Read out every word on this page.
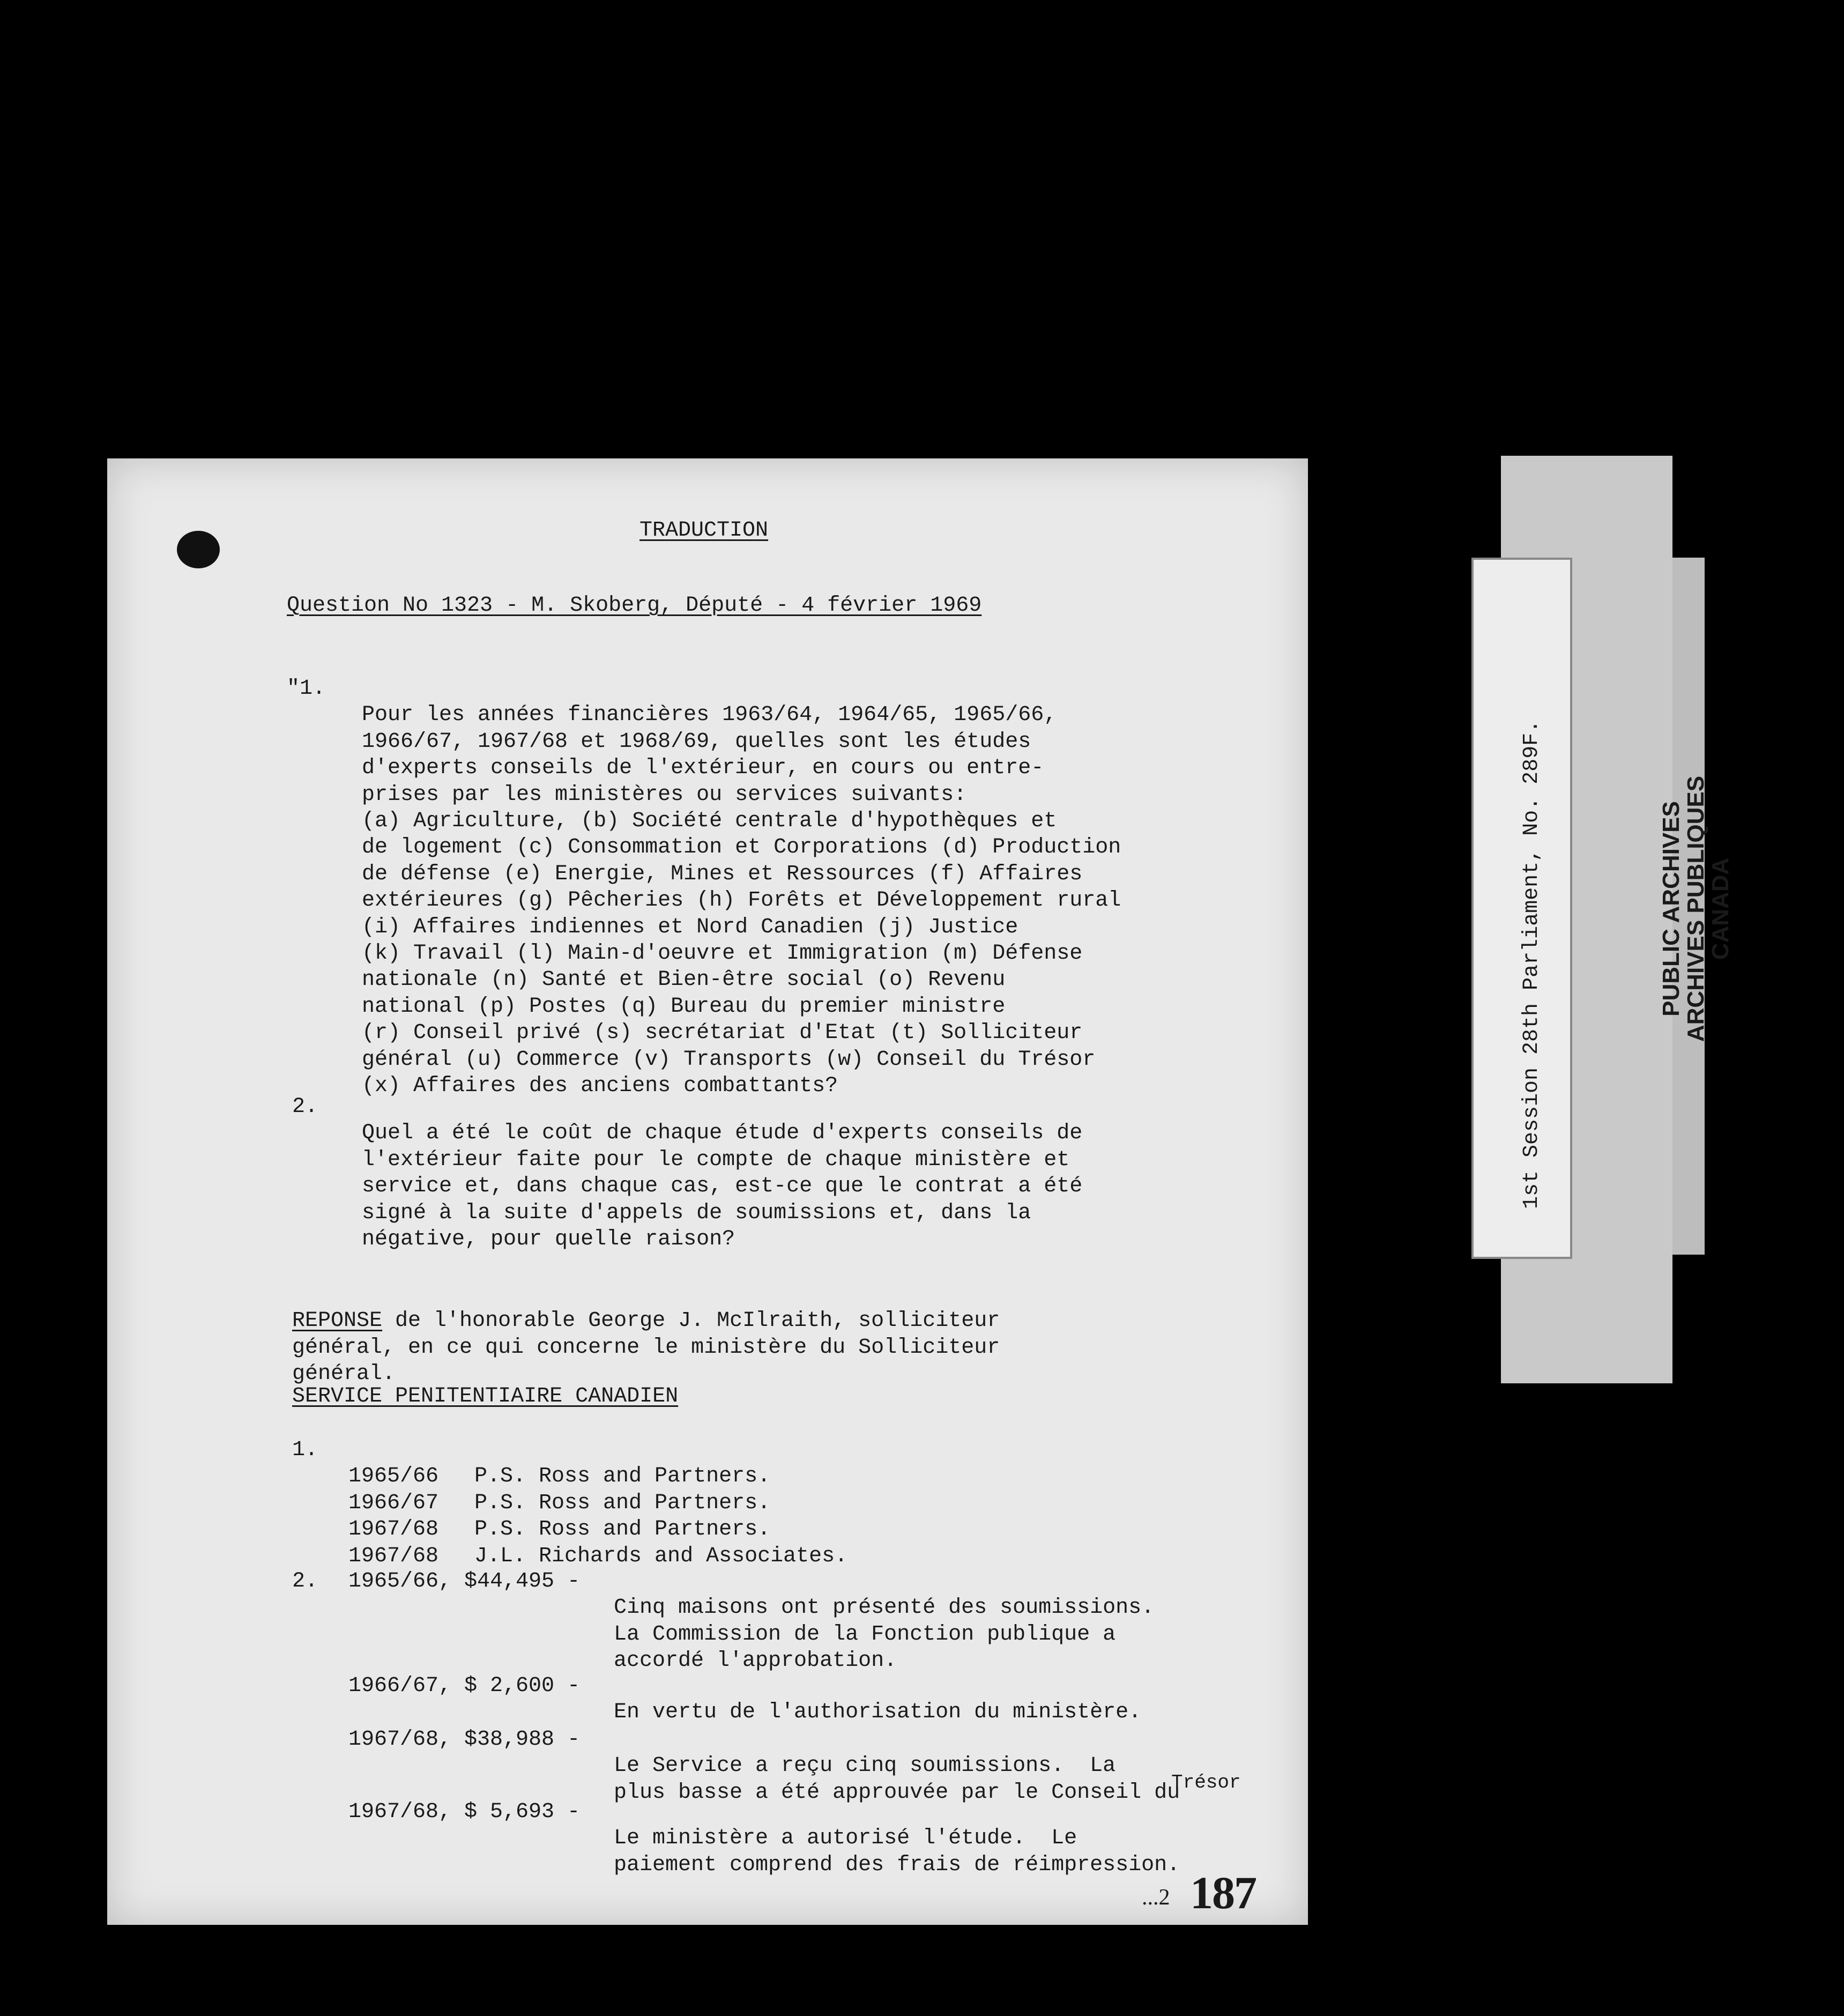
TRADUCTION
Question No 1323 - M. Skoberg, Député - 4 février 1969
"1.

Pour les années financières 1963/64, 1964/65, 1965/66,
1966/67, 1967/68 et 1968/69, quelles sont les études
d'experts conseils de l'extérieur, en cours ou entre-
prises par les ministères ou services suivants:
(a) Agriculture, (b) Société centrale d'hypothèques et
de logement (c) Consommation et Corporations (d) Production
de défense (e) Energie, Mines et Ressources (f) Affaires
extérieures (g) Pêcheries (h) Forêts et Développement rural
(i) Affaires indiennes et Nord Canadien (j) Justice
(k) Travail (l) Main-d'oeuvre et Immigration (m) Défense
nationale (n) Santé et Bien-être social (o) Revenu
national (p) Postes (q) Bureau du premier ministre
(r) Conseil privé (s) secrétariat d'Etat (t) Solliciteur
général (u) Commerce (v) Transports (w) Conseil du Trésor
(x) Affaires des anciens combattants?

2.

Quel a été le coût de chaque étude d'experts conseils de
l'extérieur faite pour le compte de chaque ministère et
service et, dans chaque cas, est-ce que le contrat a été
signé à la suite d'appels de soumissions et, dans la
négative, pour quelle raison?

REPONSE de l'honorable George J. McIlraith, solliciteur
général, en ce qui concerne le ministère du Solliciteur
général.

SERVICE PENITENTIAIRE CANADIEN
1.

1965/66
1966/67
1967/68
1967/68

P.S. Ross and Partners.
P.S. Ross and Partners.
P.S. Ross and Partners.
J.L. Richards and Associates.

2. 1965/66, $44,495 -

Cinq maisons ont présenté des soumissions.
La Commission de la Fonction publique a
accordé l'approbation.

1966/67, $ 2,600 -

En vertu de l'authorisation du ministère.

1967/68, $38,988 -

Le Service a reçu cinq soumissions.  La
plus basse a été approuvée par le Conseil du

Trésor
1967/68, $ 5,693 -

Le ministère a autorisé l'étude.  Le
paiement comprend des frais de réimpression.

...2 187
1st Session 28th Parliament, No. 289F.	PUBLIC ARCHIVES
ARCHIVES PUBLIQUES
CANADA
